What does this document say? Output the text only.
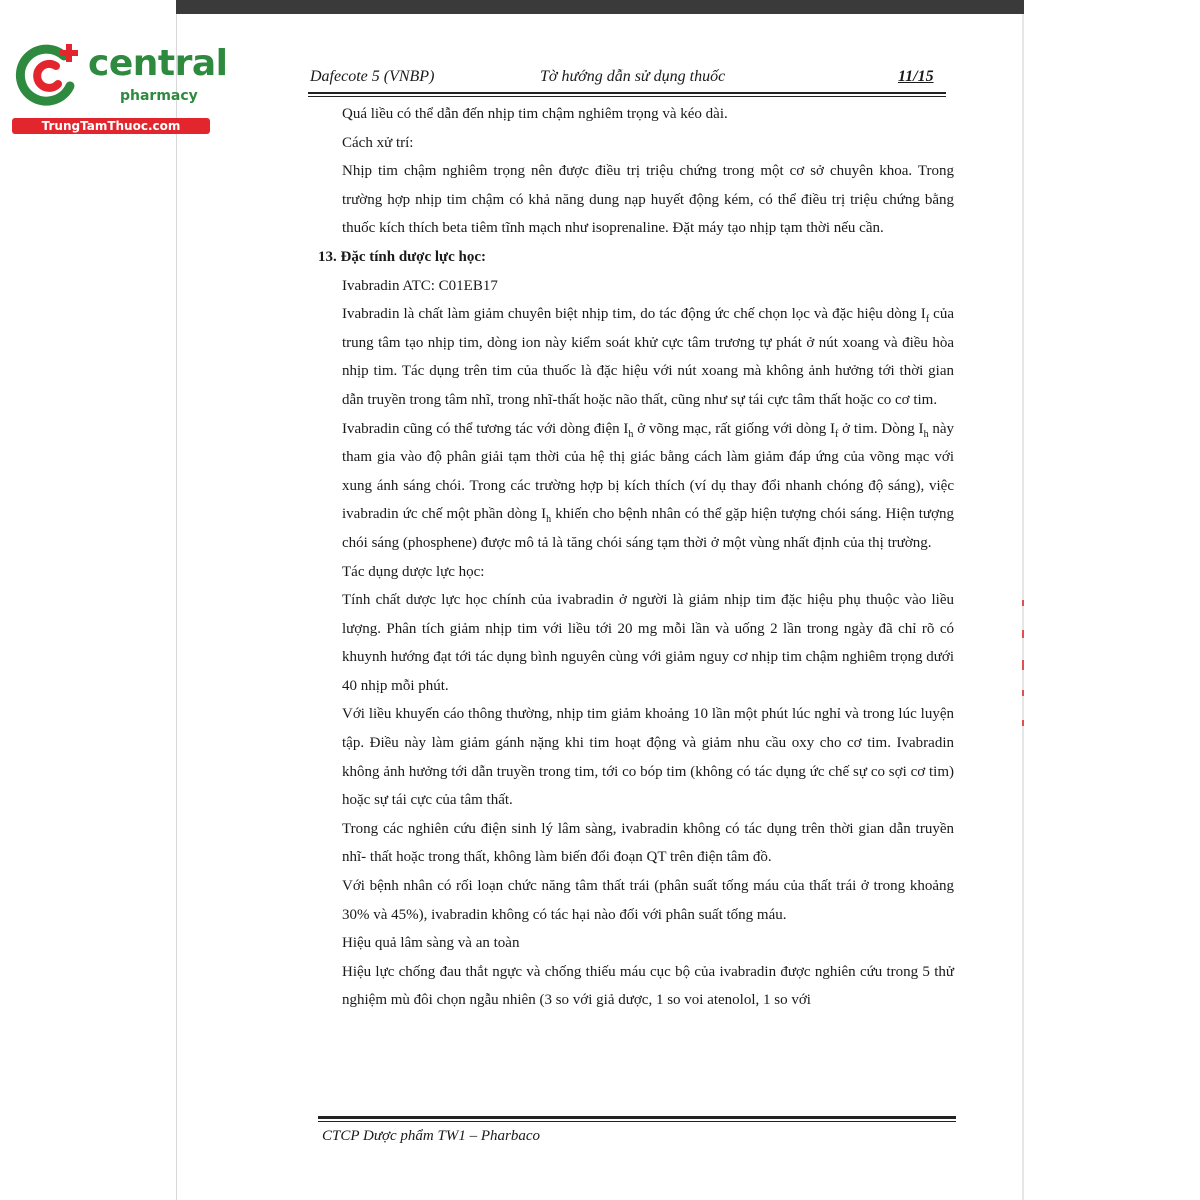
central
pharmacy
TrungTamThuoc.com
Dafecote 5 (VNBP)	Tờ hướng dẫn sử dụng thuốc	11/15

Quá liều có thể dẫn đến nhịp tim chậm nghiêm trọng và kéo dài.

Cách xử trí:

Nhịp tim chậm nghiêm trọng nên được điều trị triệu chứng trong một cơ sở chuyên khoa. Trong trường hợp nhịp tim chậm có khả năng dung nạp huyết động kém, có thể điều trị triệu chứng bằng thuốc kích thích beta tiêm tĩnh mạch như isoprenaline. Đặt máy tạo nhịp tạm thời nếu cần.

13. Đặc tính dược lực học:

Ivabradin ATC: C01EB17

Ivabradin là chất làm giảm chuyên biệt nhịp tim, do tác động ức chế chọn lọc và đặc hiệu dòng $I_f$ của trung tâm tạo nhịp tim, dòng ion này kiểm soát khử cực tâm trương tự phát ở nút xoang và điều hòa nhịp tim. Tác dụng trên tim của thuốc là đặc hiệu với nút xoang mà không ảnh hưởng tới thời gian dẫn truyền trong tâm nhĩ, trong nhĩ-thất hoặc não thất, cũng như sự tái cực tâm thất hoặc co cơ tim.

Ivabradin cũng có thể tương tác với dòng điện $I_h$ ở võng mạc, rất giống với dòng $I_f$ ở tim. Dòng $I_h$ này tham gia vào độ phân giải tạm thời của hệ thị giác bằng cách làm giảm đáp ứng của võng mạc với xung ánh sáng chói. Trong các trường hợp bị kích thích (ví dụ thay đổi nhanh chóng độ sáng), việc ivabradin ức chế một phần dòng $I_h$ khiến cho bệnh nhân có thể gặp hiện tượng chói sáng. Hiện tượng chói sáng (phosphene) được mô tả là tăng chói sáng tạm thời ở một vùng nhất định của thị trường.

Tác dụng dược lực học:

Tính chất dược lực học chính của ivabradin ở người là giảm nhịp tim đặc hiệu phụ thuộc vào liều lượng. Phân tích giảm nhịp tim với liều tới 20 mg mỗi lần và uống 2 lần trong ngày đã chỉ rõ có khuynh hướng đạt tới tác dụng bình nguyên cùng với giảm nguy cơ nhịp tim chậm nghiêm trọng dưới 40 nhịp mỗi phút.

Với liều khuyến cáo thông thường, nhịp tim giảm khoảng 10 lần một phút lúc nghỉ và trong lúc luyện tập. Điều này làm giảm gánh nặng khi tim hoạt động và giảm nhu cầu oxy cho cơ tim. Ivabradin không ảnh hưởng tới dẫn truyền trong tim, tới co bóp tim (không có tác dụng ức chế sự co sợi cơ tim) hoặc sự tái cực của tâm thất.

Trong các nghiên cứu điện sinh lý lâm sàng, ivabradin không có tác dụng trên thời gian dẫn truyền nhĩ- thất hoặc trong thất, không làm biến đổi đoạn QT trên điện tâm đồ.

Với bệnh nhân có rối loạn chức năng tâm thất trái (phân suất tống máu của thất trái ở trong khoảng 30% và 45%), ivabradin không có tác hại nào đối với phân suất tống máu.

Hiệu quả lâm sàng và an toàn

Hiệu lực chống đau thắt ngực và chống thiếu máu cục bộ của ivabradin được nghiên cứu trong 5 thử nghiệm mù đôi chọn ngẫu nhiên (3 so với giả dược, 1 so voi atenolol, 1 so với

CTCP Dược phẩm TW1 – Pharbaco
